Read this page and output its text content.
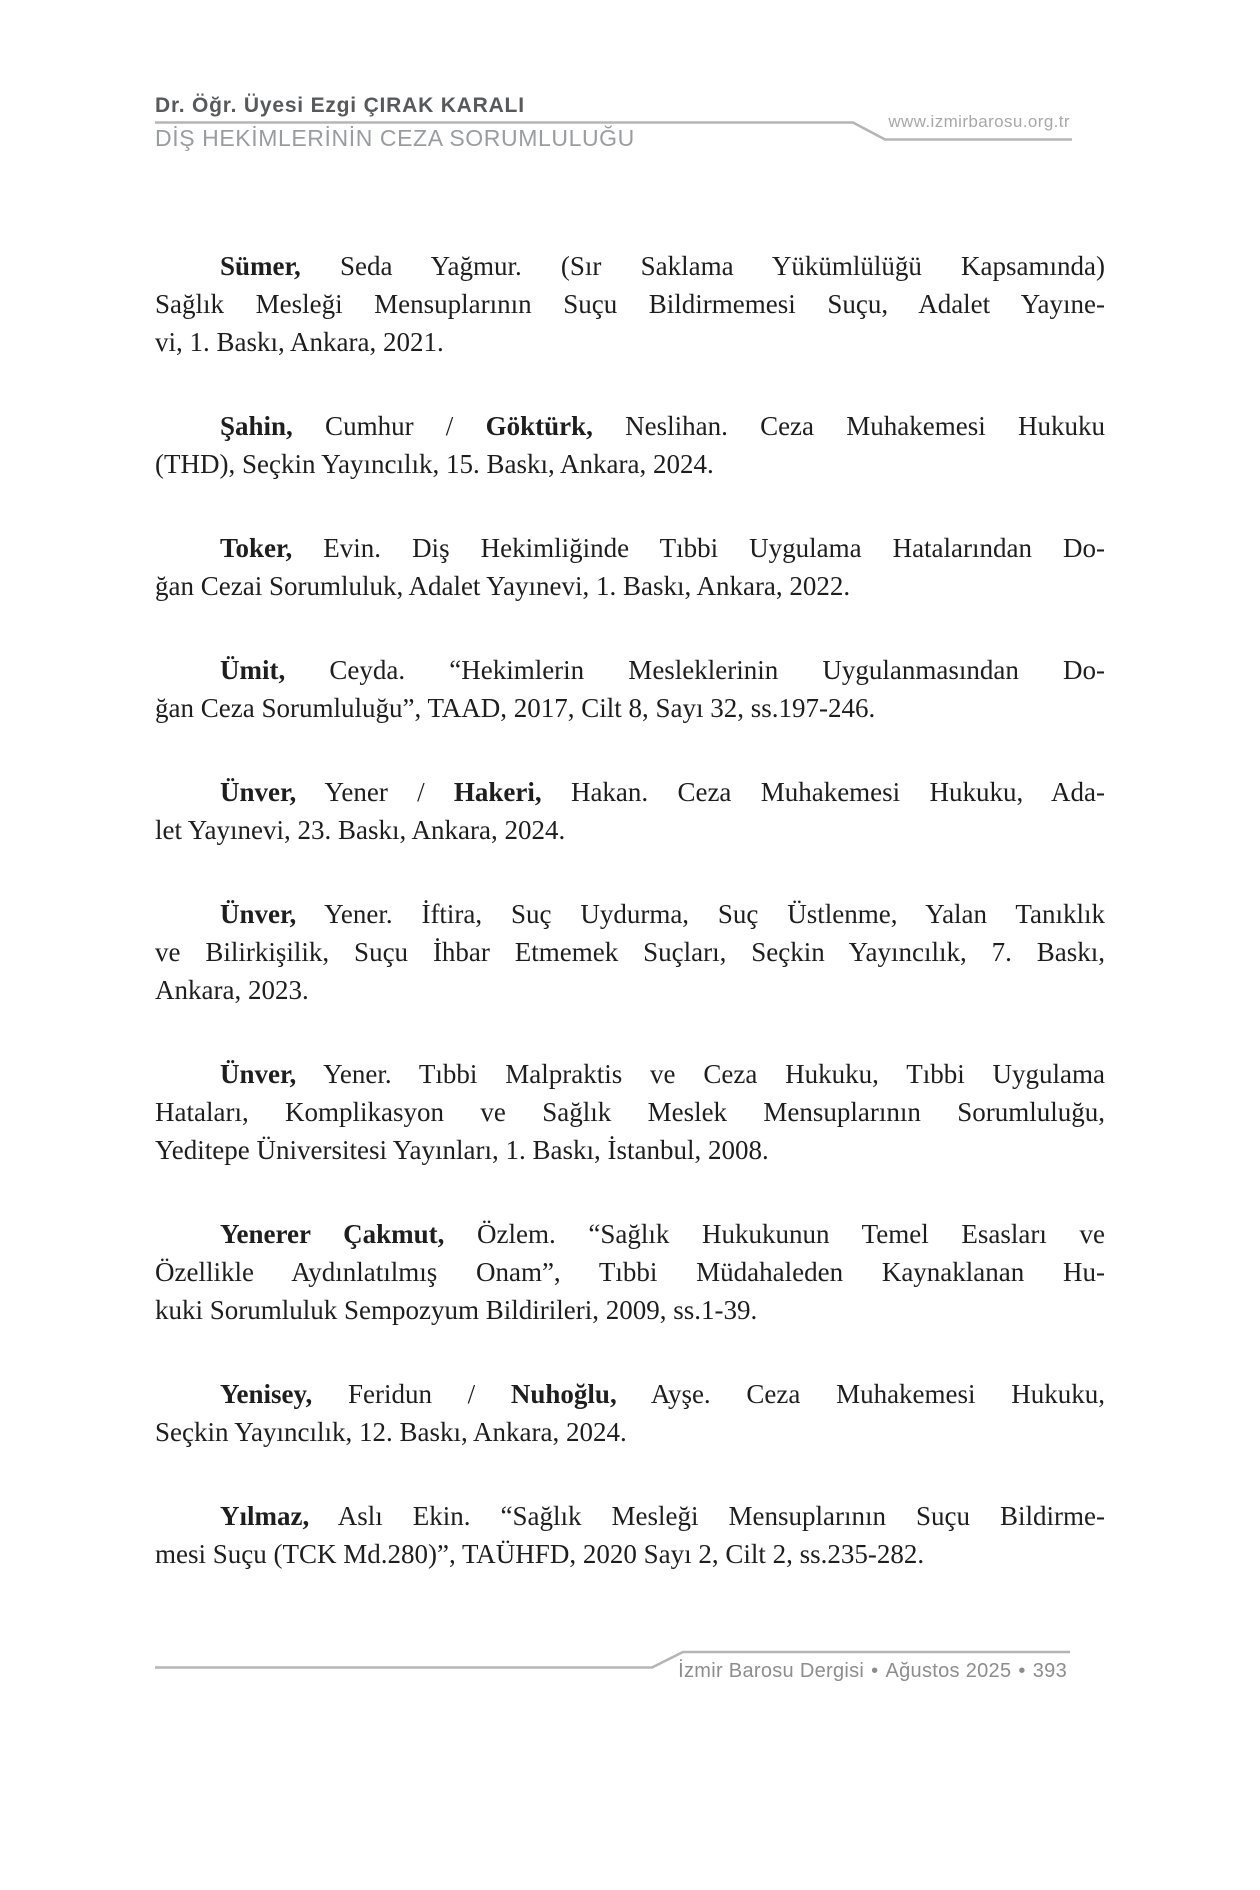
Dr. Öğr. Üyesi Ezgi ÇIRAK KARALI
DİŞ HEKİMLERİNİN CEZA SORUMLULUĞU
www.izmirbarosu.org.tr
Sümer, Seda Yağmur. (Sır Saklama Yükümlülüğü Kapsamında)
Sağlık Mesleği Mensuplarının Suçu Bildirmemesi Suçu, Adalet Yayıne-
vi, 1. Baskı, Ankara, 2021.
Şahin, Cumhur / Göktürk, Neslihan. Ceza Muhakemesi Hukuku
(THD), Seçkin Yayıncılık, 15. Baskı, Ankara, 2024.
Toker, Evin. Diş Hekimliğinde Tıbbi Uygulama Hatalarından Do-
ğan Cezai Sorumluluk, Adalet Yayınevi, 1. Baskı, Ankara, 2022.
Ümit, Ceyda. “Hekimlerin Mesleklerinin Uygulanmasından Do-
ğan Ceza Sorumluluğu”, TAAD, 2017, Cilt 8, Sayı 32, ss.197-246.
Ünver, Yener / Hakeri, Hakan. Ceza Muhakemesi Hukuku, Ada-
let Yayınevi, 23. Baskı, Ankara, 2024.
Ünver, Yener. İftira, Suç Uydurma, Suç Üstlenme, Yalan Tanıklık
ve Bilirkişilik, Suçu İhbar Etmemek Suçları, Seçkin Yayıncılık, 7. Baskı,
Ankara, 2023.
Ünver, Yener. Tıbbi Malpraktis ve Ceza Hukuku, Tıbbi Uygulama
Hataları, Komplikasyon ve Sağlık Meslek Mensuplarının Sorumluluğu,
Yeditepe Üniversitesi Yayınları, 1. Baskı, İstanbul, 2008.
Yenerer Çakmut, Özlem. “Sağlık Hukukunun Temel Esasları ve
Özellikle Aydınlatılmış Onam”, Tıbbi Müdahaleden Kaynaklanan Hu-
kuki Sorumluluk Sempozyum Bildirileri, 2009, ss.1-39.
Yenisey, Feridun / Nuhoğlu, Ayşe. Ceza Muhakemesi Hukuku,
Seçkin Yayıncılık, 12. Baskı, Ankara, 2024.
Yılmaz, Aslı Ekin. “Sağlık Mesleği Mensuplarının Suçu Bildirme-
mesi Suçu (TCK Md.280)”, TAÜHFD, 2020 Sayı 2, Cilt 2, ss.235-282.
İzmir Barosu Dergisi • Ağustos 2025 • 393
